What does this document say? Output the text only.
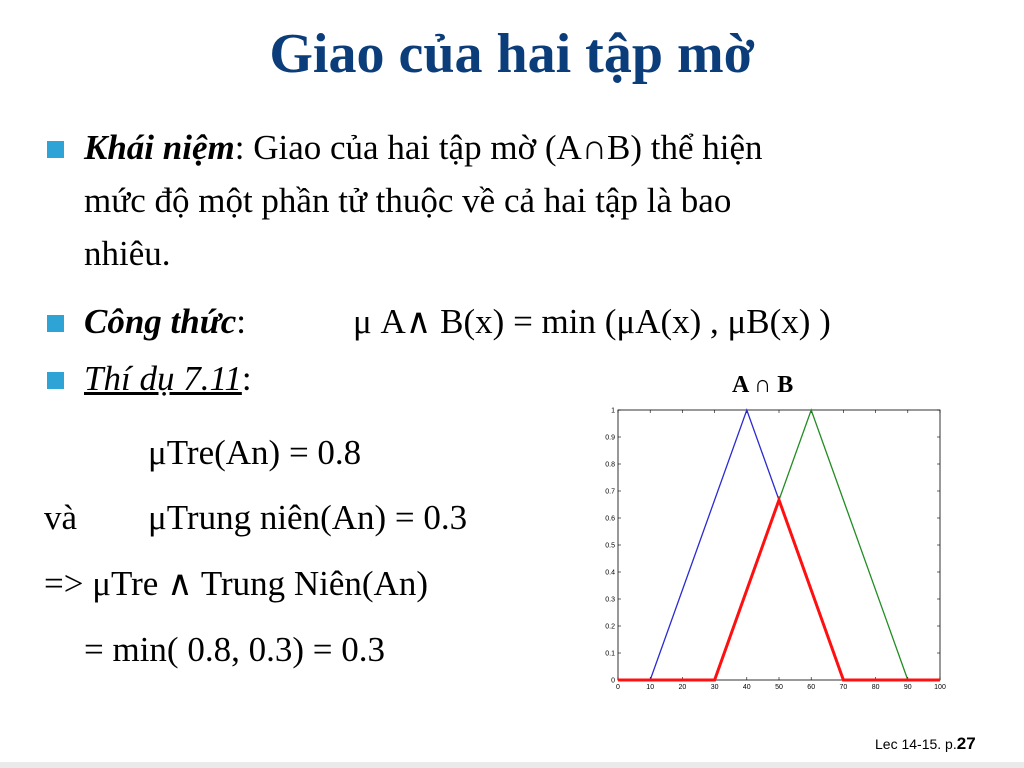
Giao của hai tập mờ
Khái niệm: Giao của hai tập mờ (A∩B) thể hiện
mức độ một phần tử thuộc về cả hai tập là bao
nhiêu.
Công thức:	μ A∧ B(x) = min (μA(x) , μB(x) )
Thí dụ 7.11:
μTre(An) = 0.8
và μTrung niên(An) = 0.3
=> μTre ∧ Trung Niên(An)
= min( 0.8, 0.3) = 0.3
A ∩ B
0	10	20	30	40	50	60	70	80	90	100
0
0.1
0.2
0.3
0.4
0.5
0.6
0.7
0.8
0.9
1
Lec 14-15. p.27
